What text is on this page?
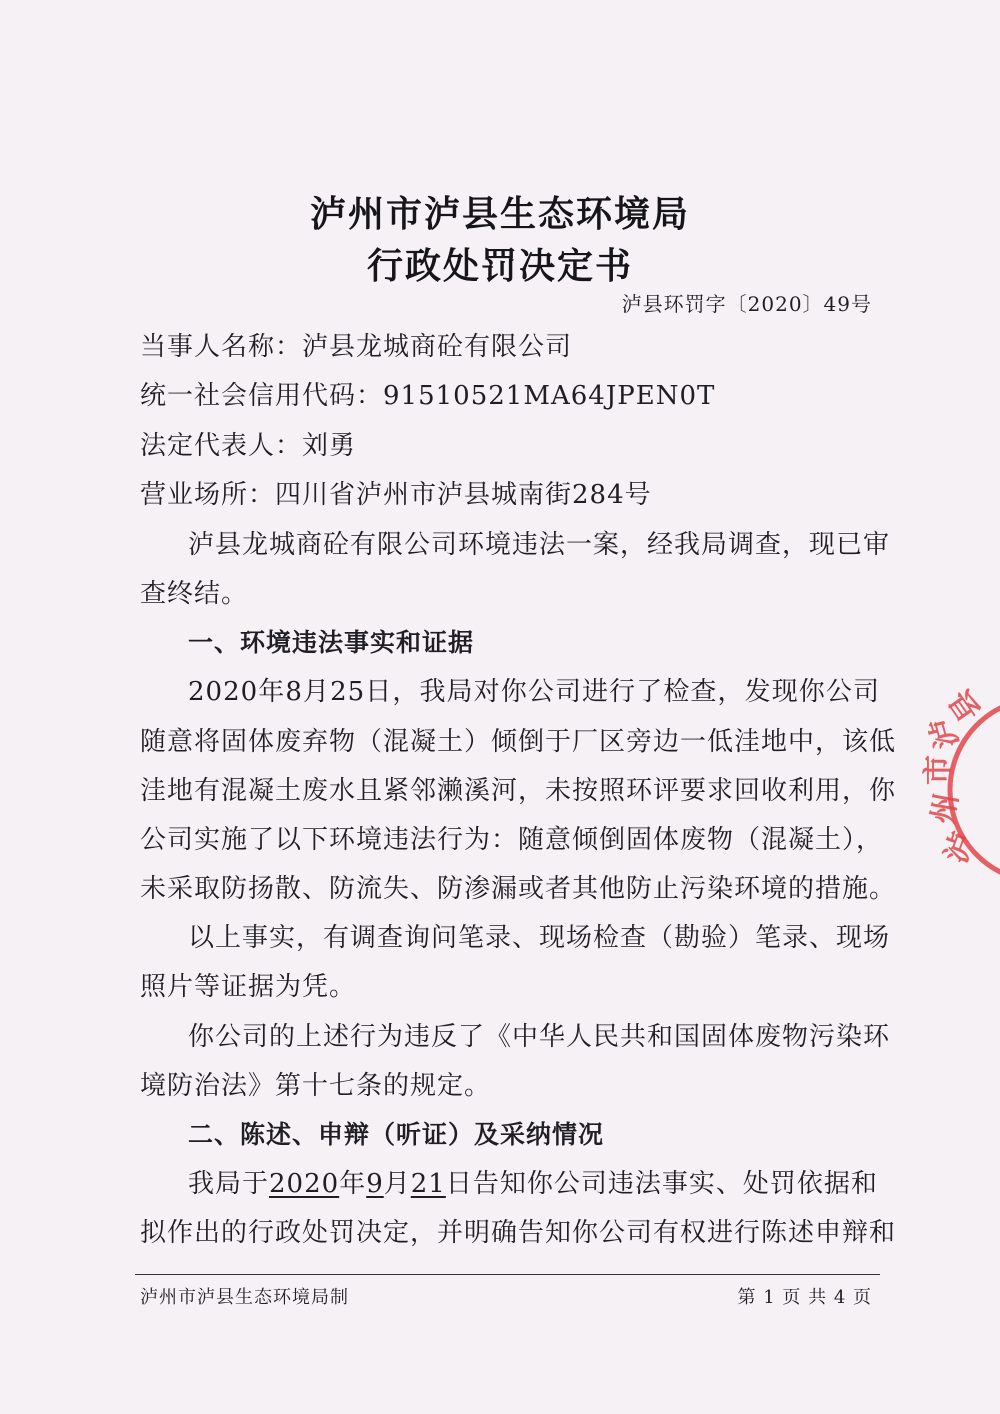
泸州市泸县生态环境局
行政处罚决定书
泸县环罚字〔2020〕49号
当事人名称：泸县龙城商砼有限公司
统一社会信用代码：91510521MA64JPEN0T
法定代表人：刘勇
营业场所：四川省泸州市泸县城南街284号
泸县龙城商砼有限公司环境违法一案，经我局调查，现已审
查终结。
一、环境违法事实和证据
2020年8月25日，我局对你公司进行了检查，发现你公司
随意将固体废弃物（混凝土）倾倒于厂区旁边一低洼地中，该低
洼地有混凝土废水且紧邻濑溪河，未按照环评要求回收利用，你
公司实施了以下环境违法行为：随意倾倒固体废物（混凝土），
未采取防扬散、防流失、防渗漏或者其他防止污染环境的措施。
以上事实，有调查询问笔录、现场检查（勘验）笔录、现场
照片等证据为凭。
你公司的上述行为违反了《中华人民共和国固体废物污染环
境防治法》第十七条的规定。
二、陈述、申辩（听证）及采纳情况
我局于2020年9月21日告知你公司违法事实、处罚依据和
拟作出的行政处罚决定，并明确告知你公司有权进行陈述申辩和
泸州市泸县生态环境局制	第 1 页 共 4 页
泸
州
市
泸
县
